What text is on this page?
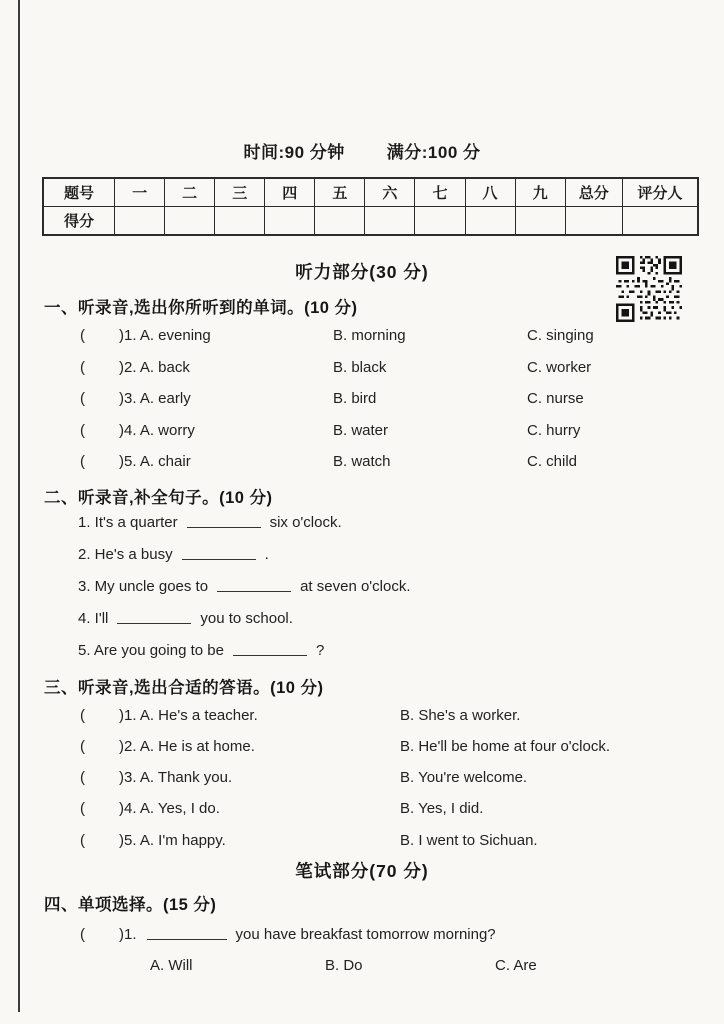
时间:90 分钟 满分:100 分
题号	一	二	三	四	五	六	七	八	九	总分	评分人
得分											
听力部分(30 分)
一、听录音,选出你所听到的单词。(10 分)
( )1. A. evening	B. morning	C. singing
( )2. A. back	B. black	C. worker
( )3. A. early	B. bird	C. nurse
( )4. A. worry	B. water	C. hurry
( )5. A. chair	B. watch	C. child
二、听录音,补全句子。(10 分)
1. It's a quarter	six o'clock.
2. He's a busy	.
3. My uncle goes to	at seven o'clock.
4. I'll	you to school.
5. Are you going to be	?
三、听录音,选出合适的答语。(10 分)
( )1. A. He's a teacher.	B. She's a worker.
( )2. A. He is at home.	B. He'll be home at four o'clock.
( )3. A. Thank you.	B. You're welcome.
( )4. A. Yes, I do.	B. Yes, I did.
( )5. A. I'm happy.	B. I went to Sichuan.
笔试部分(70 分)
四、单项选择。(15 分)
( )1.	you have breakfast tomorrow morning?
A. Will	B. Do	C. Are
